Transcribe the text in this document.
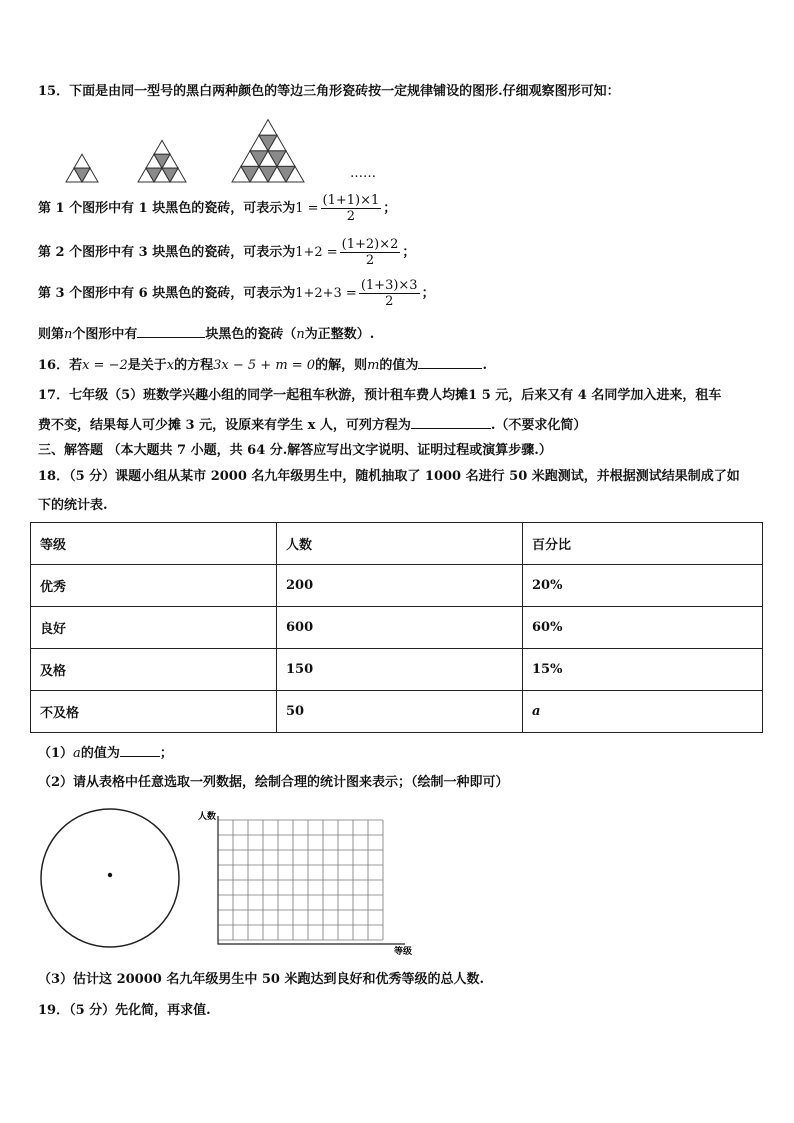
15．下面是由同一型号的黑白两种颜色的等边三角形瓷砖按一定规律铺设的图形.仔细观察图形可知：
……
第 1 个图形中有 1 块黑色的瓷砖，可表示为$1 = \frac{(1+1)\times 1}{2}$ ；
第 2 个图形中有 3 块黑色的瓷砖，可表示为$1+2 = \frac{(1+2)\times 2}{2}$ ；
第 3 个图形中有 6 块黑色的瓷砖，可表示为$1+2+3 = \frac{(1+3)\times 3}{2}$ ；
则第n个图形中有	块黑色的瓷砖（n为正整数）.
16．若x = −2是关于x的方程3x − 5 + m = 0的解，则m的值为	.
17．七年级（5）班数学兴趣小组的同学一起租车秋游，预计租车费人均摊1 5 元，后来又有 4 名同学加入进来，租车
费不变，结果每人可少摊 3 元，设原来有学生 x 人，可列方程为	.（不要求化简）
三、解答题 （本大题共 7 小题，共 64 分.解答应写出文字说明、证明过程或演算步骤.）
18．（5 分）课题小组从某市 2000 名九年级男生中，随机抽取了 1000 名进行 50 米跑测试，并根据测试结果制成了如
下的统计表.
等级	人数	百分比
优秀	200	20%
良好	600	60%
及格	150	15%
不及格	50	a
（1）a的值为	；
（2）请从表格中任意选取一列数据，绘制合理的统计图来表示；（绘制一种即可）
人数
等级
（3）估计这 20000 名九年级男生中 50 米跑达到良好和优秀等级的总人数.
19．（5 分）先化简，再求值.
